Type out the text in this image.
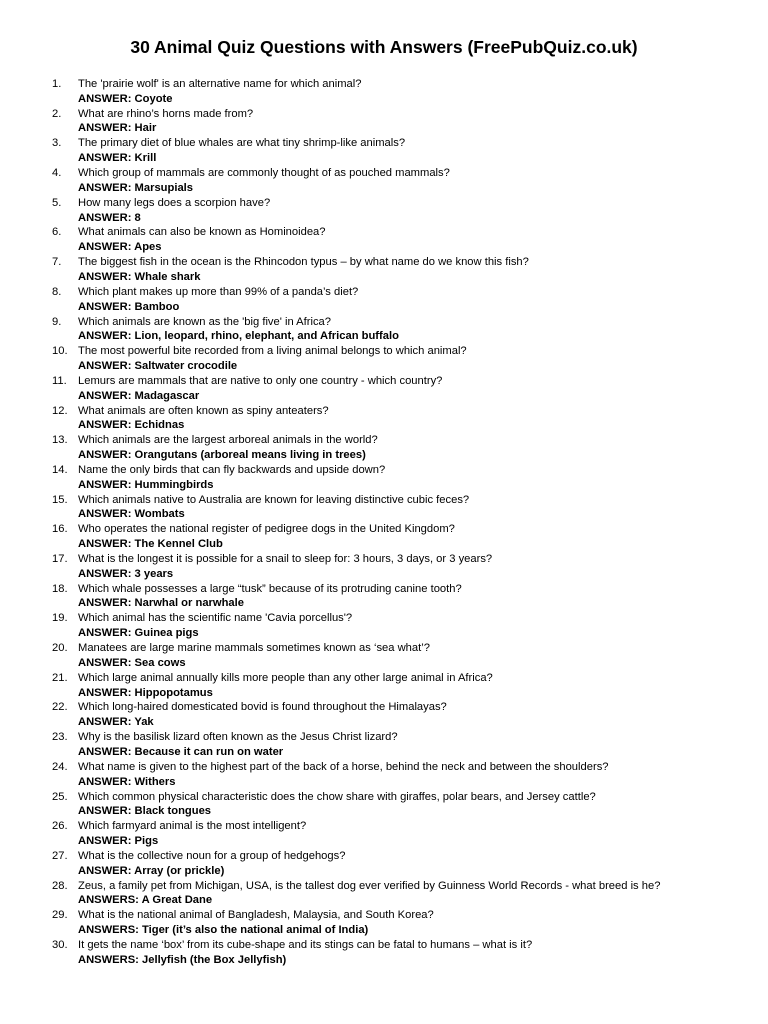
30 Animal Quiz Questions with Answers (FreePubQuiz.co.uk)
1.	The 'prairie wolf' is an alternative name for which animal?
ANSWER: Coyote
2.	What are rhino’s horns made from?
ANSWER: Hair
3.	The primary diet of blue whales are what tiny shrimp-like animals?
ANSWER: Krill
4.	Which group of mammals are commonly thought of as pouched mammals?
ANSWER: Marsupials
5.	How many legs does a scorpion have?
ANSWER: 8
6.	What animals can also be known as Hominoidea?
ANSWER: Apes
7.	The biggest fish in the ocean is the Rhincodon typus – by what name do we know this fish?
ANSWER: Whale shark
8.	Which plant makes up more than 99% of a panda’s diet?
ANSWER: Bamboo
9.	Which animals are known as the 'big five' in Africa?
ANSWER: Lion, leopard, rhino, elephant, and African buffalo
10. The most powerful bite recorded from a living animal belongs to which animal?
ANSWER: Saltwater crocodile
11.	Lemurs are mammals that are native to only one country - which country?
ANSWER: Madagascar
12. What animals are often known as spiny anteaters?
ANSWER: Echidnas
13. Which animals are the largest arboreal animals in the world?
ANSWER: Orangutans (arboreal means living in trees)
14. Name the only birds that can fly backwards and upside down?
ANSWER: Hummingbirds
15. Which animals native to Australia are known for leaving distinctive cubic feces?
ANSWER: Wombats
16. Who operates the national register of pedigree dogs in the United Kingdom?
ANSWER: The Kennel Club
17. What is the longest it is possible for a snail to sleep for: 3 hours, 3 days, or 3 years?
ANSWER: 3 years
18. Which whale possesses a large “tusk” because of its protruding canine tooth?
ANSWER: Narwhal or narwhale
19. Which animal has the scientific name 'Cavia porcellus'?
ANSWER: Guinea pigs
20. Manatees are large marine mammals sometimes known as ‘sea what’?
ANSWER: Sea cows
21. Which large animal annually kills more people than any other large animal in Africa?
ANSWER: Hippopotamus
22. Which long-haired domesticated bovid is found throughout the Himalayas?
ANSWER: Yak
23. Why is the basilisk lizard often known as the Jesus Christ lizard?
ANSWER: Because it can run on water
24. What name is given to the highest part of the back of a horse, behind the neck and between the shoulders?
ANSWER: Withers
25. Which common physical characteristic does the chow share with giraffes, polar bears, and Jersey cattle?
ANSWER: Black tongues
26. Which farmyard animal is the most intelligent?
ANSWER: Pigs
27. What is the collective noun for a group of hedgehogs?
ANSWER: Array (or prickle)
28. Zeus, a family pet from Michigan, USA, is the tallest dog ever verified by Guinness World Records - what breed is he?
ANSWERS: A Great Dane
29. What is the national animal of Bangladesh, Malaysia, and South Korea?
ANSWERS: Tiger (it’s also the national animal of India)
30. It gets the name ‘box’ from its cube-shape and its stings can be fatal to humans – what is it?
ANSWERS: Jellyfish (the Box Jellyfish)
